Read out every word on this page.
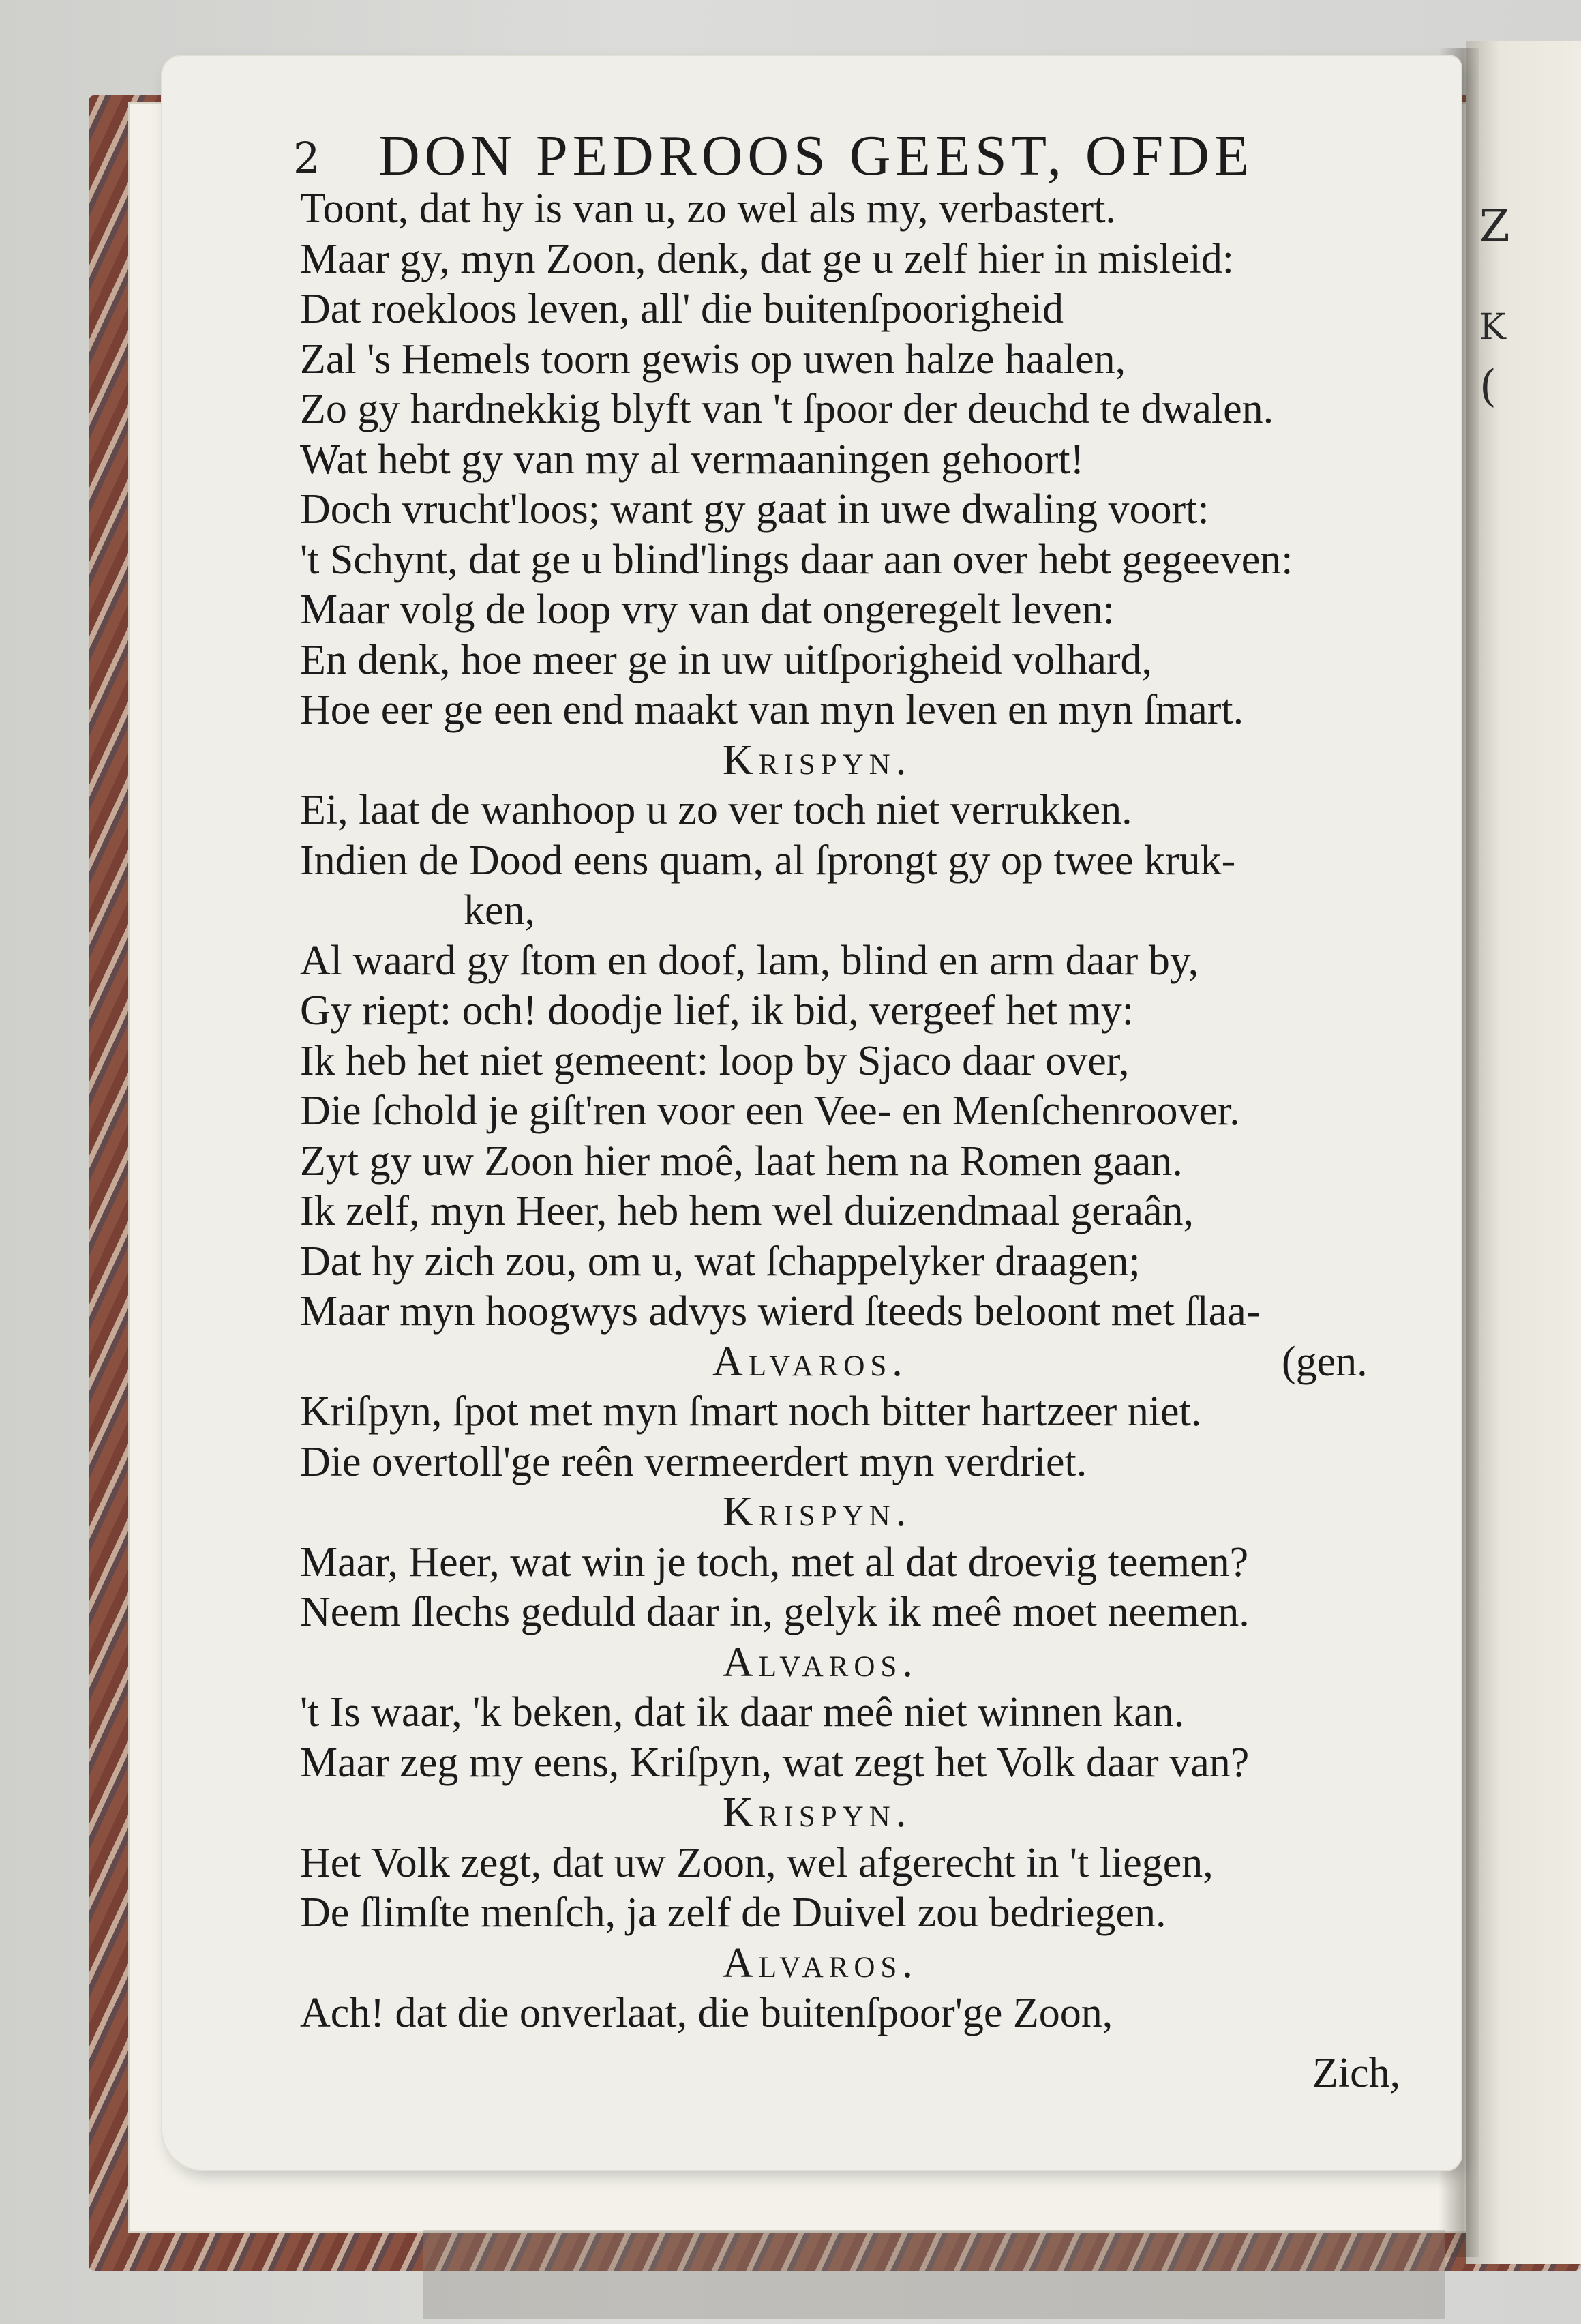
Z
K
(
2 DON PEDROOS GEEST, OFDE
Toont, dat hy is van u, zo wel als my, verbastert.
Maar gy, myn Zoon, denk, dat ge u zelf hier in misleid:
Dat roekloos leven, all' die buitenſpoorigheid
Zal 's Hemels toorn gewis op uwen halze haalen,
Zo gy hardnekkig blyft van 't ſpoor der deuchd te dwalen.
Wat hebt gy van my al vermaaningen gehoort!
Doch vrucht'loos; want gy gaat in uwe dwaling voort:
't Schynt, dat ge u blind'lings daar aan over hebt gegeeven:
Maar volg de loop vry van dat ongeregelt leven:
En denk, hoe meer ge in uw uitſporigheid volhard,
Hoe eer ge een end maakt van myn leven en myn ſmart.
Krispyn.
Ei, laat de wanhoop u zo ver toch niet verrukken.
Indien de Dood eens quam, al ſprongt gy op twee kruk-
ken,
Al waard gy ſtom en doof, lam, blind en arm daar by,
Gy riept: och! doodje lief, ik bid, vergeef het my:
Ik heb het niet gemeent: loop by Sjaco daar over,
Die ſchold je giſt'ren voor een Vee- en Menſchenroover.
Zyt gy uw Zoon hier moê, laat hem na Romen gaan.
Ik zelf, myn Heer, heb hem wel duizendmaal geraân,
Dat hy zich zou, om u, wat ſchappelyker draagen;
Maar myn hoogwys advys wierd ſteeds beloont met ſlaa-
Alvaros.	(gen.
Kriſpyn, ſpot met myn ſmart noch bitter hartzeer niet.
Die overtoll'ge reên vermeerdert myn verdriet.
Krispyn.
Maar, Heer, wat win je toch, met al dat droevig teemen?
Neem ſlechs geduld daar in, gelyk ik meê moet neemen.
Alvaros.
't Is waar, 'k beken, dat ik daar meê niet winnen kan.
Maar zeg my eens, Kriſpyn, wat zegt het Volk daar van?
Krispyn.
Het Volk zegt, dat uw Zoon, wel afgerecht in 't liegen,
De ſlimſte menſch, ja zelf de Duivel zou bedriegen.
Alvaros.
Ach! dat die onverlaat, die buitenſpoor'ge Zoon,
Zich,
